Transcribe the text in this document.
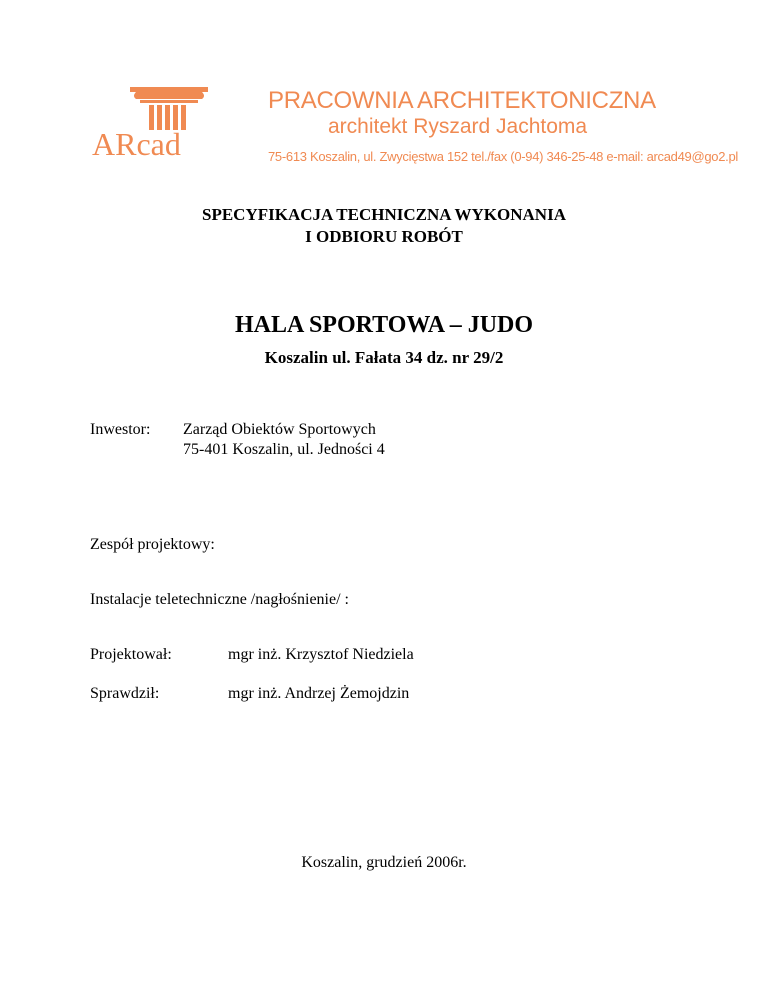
ARcad
PRACOWNIA ARCHITEKTONICZNA
architekt Ryszard Jachtoma
75-613 Koszalin, ul. Zwycięstwa 152 tel./fax (0-94) 346-25-48 e-mail: arcad49@go2.pl
SPECYFIKACJA TECHNICZNA WYKONANIA
I ODBIORU ROBÓT
HALA SPORTOWA – JUDO
Koszalin ul. Fałata 34 dz. nr 29/2
Inwestor: Zarząd Obiektów Sportowych
75-401 Koszalin, ul. Jedności 4
Zespół projektowy:
Instalacje teletechniczne /nagłośnienie/ :
Projektował:	mgr inż. Krzysztof Niedziela
Sprawdził:	mgr inż. Andrzej Żemojdzin
Koszalin, grudzień 2006r.
